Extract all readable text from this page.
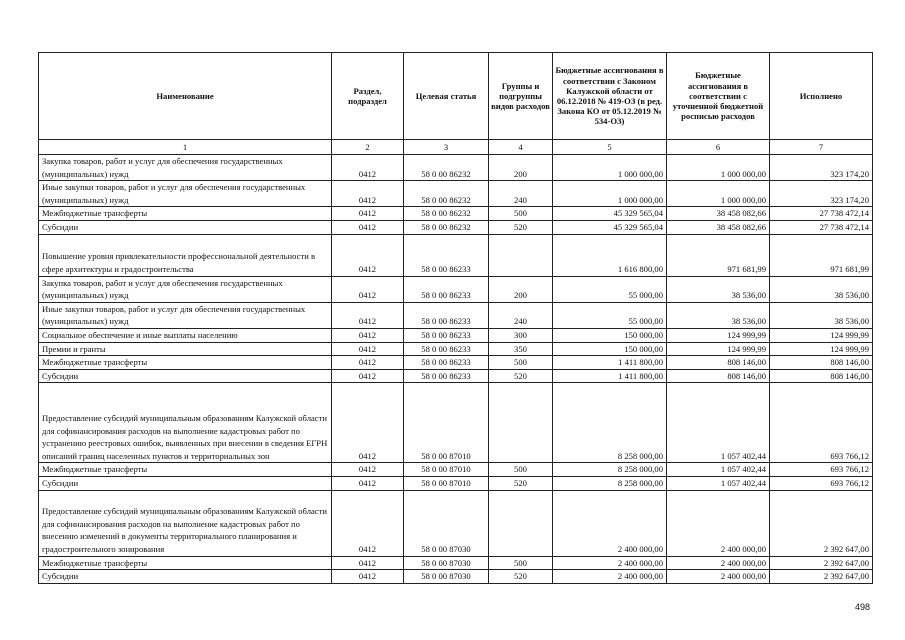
Наименование	Раздел, подраздел	Целевая статья	Группы и подгруппы видов расходов	Бюджетные ассигнования в соответствии с Законом Калужской области от 06.12.2018 № 419-ОЗ (в ред. Закона КО от 05.12.2019 № 534-ОЗ)	Бюджетные ассигнования в соответствии с уточненной бюджетной росписью расходов	Исполнено
1	2	3	4	5	6	7
Закупка товаров, работ и услуг для обеспечения государственных (муниципальных) нужд	0412	58 0 00 86232	200	1 000 000,00	1 000 000,00	323 174,20
Иные закупки товаров, работ и услуг для обеспечения государственных (муниципальных) нужд	0412	58 0 00 86232	240	1 000 000,00	1 000 000,00	323 174,20
Межбюджетные трансферты	0412	58 0 00 86232	500	45 329 565,04	38 458 082,66	27 738 472,14
Субсидии	0412	58 0 00 86232	520	45 329 565,04	38 458 082,66	27 738 472,14
Повышение уровня привлекательности профессиональной деятельности в сфере архитектуры и градостроительства	0412	58 0 00 86233		1 616 800,00	971 681,99	971 681,99
Закупка товаров, работ и услуг для обеспечения государственных (муниципальных) нужд	0412	58 0 00 86233	200	55 000,00	38 536,00	38 536,00
Иные закупки товаров, работ и услуг для обеспечения государственных (муниципальных) нужд	0412	58 0 00 86233	240	55 000,00	38 536,00	38 536,00
Социальное обеспечение и иные выплаты населению	0412	58 0 00 86233	300	150 000,00	124 999,99	124 999,99
Премии и гранты	0412	58 0 00 86233	350	150 000,00	124 999,99	124 999,99
Межбюджетные трансферты	0412	58 0 00 86233	500	1 411 800,00	808 146,00	808 146,00
Субсидии	0412	58 0 00 86233	520	1 411 800,00	808 146,00	808 146,00
Предоставление субсидий муниципальным образованиям Калужской области для софинансирования расходов на выполнение кадастровых работ по устранению реестровых ошибок, выявленных при внесении в сведения ЕГРН описаний границ населенных пунктов и территориальных зон	0412	58 0 00 87010		8 258 000,00	1 057 402,44	693 766,12
Межбюджетные трансферты	0412	58 0 00 87010	500	8 258 000,00	1 057 402,44	693 766,12
Субсидии	0412	58 0 00 87010	520	8 258 000,00	1 057 402,44	693 766,12
Предоставление субсидий муниципальным образованиям Калужской области для софинансирования расходов на выполнение кадастровых работ по внесению изменений в документы территориального планирования и градостроительного зонирования	0412	58 0 00 87030		2 400 000,00	2 400 000,00	2 392 647,00
Межбюджетные трансферты	0412	58 0 00 87030	500	2 400 000,00	2 400 000,00	2 392 647,00
Субсидии	0412	58 0 00 87030	520	2 400 000,00	2 400 000,00	2 392 647,00
498
